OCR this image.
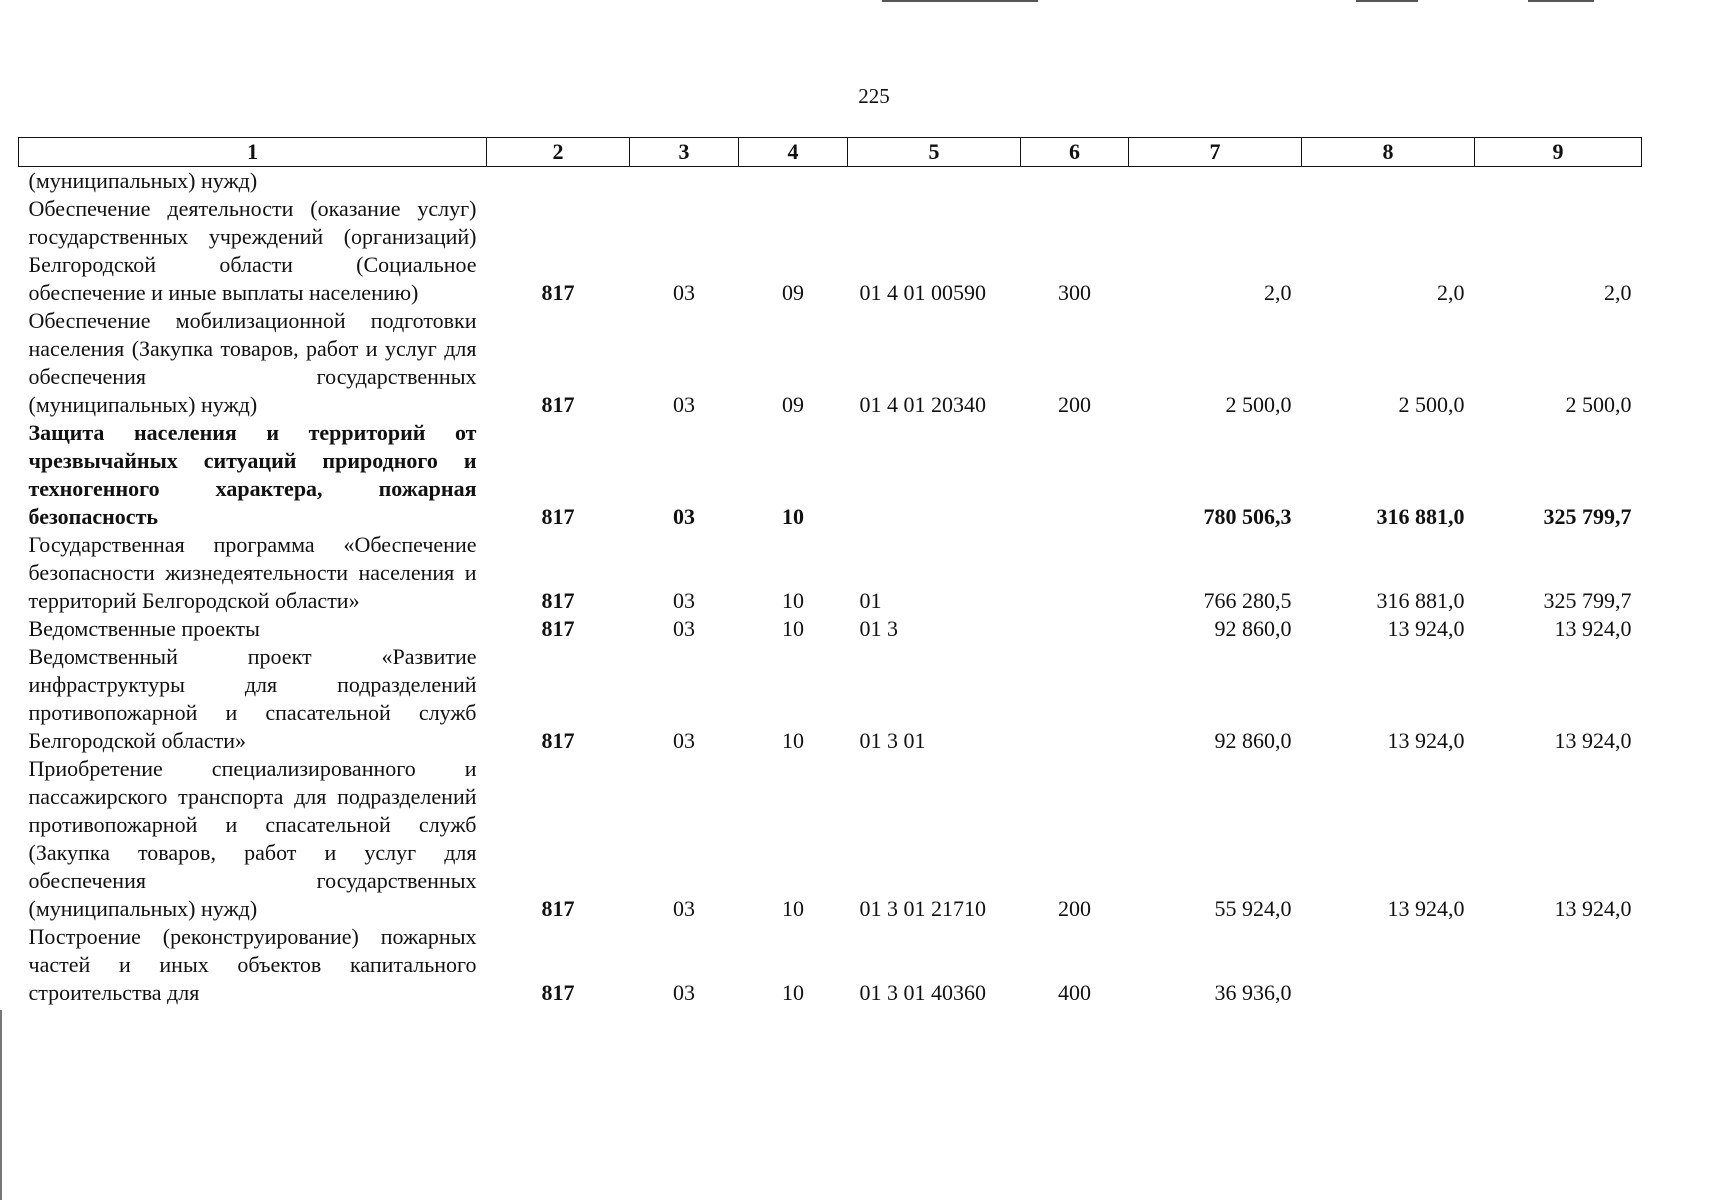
225
1	2	3	4	5	6	7	8	9
(муниципальных) нужд)								
Обеспечение деятельности (оказание услуг) государственных учреждений (организаций) Белгородской области (Социальное обеспечение и иные выплаты населению)	817	03	09	01 4 01 00590	300	2,0	2,0	2,0
Обеспечение мобилизационной подготовки населения (Закупка товаров, работ и услуг для обеспечения государственных (муниципальных) нужд)	817	03	09	01 4 01 20340	200	2 500,0	2 500,0	2 500,0
Защита населения и территорий от чрезвычайных ситуаций природного и техногенного характера, пожарная безопасность	817	03	10			780 506,3	316 881,0	325 799,7
Государственная программа «Обеспечение безопасности жизнедеятельности населения и территорий Белгородской области»	817	03	10	01		766 280,5	316 881,0	325 799,7
Ведомственные проекты	817	03	10	01 3		92 860,0	13 924,0	13 924,0
Ведомственный проект «Развитие инфраструктуры для подразделений противопожарной и спасательной служб Белгородской области»	817	03	10	01 3 01		92 860,0	13 924,0	13 924,0
Приобретение специализированного и пассажирского транспорта для подразделений противопожарной и спасательной служб (Закупка товаров, работ и услуг для обеспечения государственных (муниципальных) нужд)	817	03	10	01 3 01 21710	200	55 924,0	13 924,0	13 924,0
Построение (реконструирование) пожарных частей и иных объектов капитального строительства для	817	03	10	01 3 01 40360	400	36 936,0		
